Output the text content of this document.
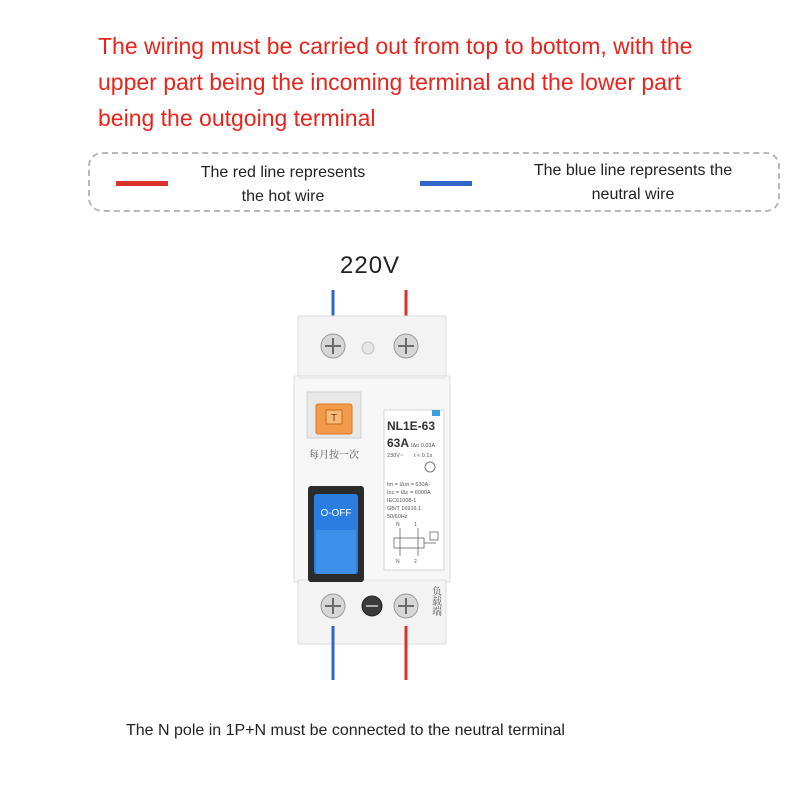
The wiring must be carried out from top to bottom, with the
upper part being the incoming terminal and the lower part
being the outgoing terminal
The red line represents
the hot wire
The blue line represents the
neutral wire
220V
T
每月按一次
NL1E-63
63A IΔn 0.03A
230V~ t < 0.1s
Im = IΔm = 630A
Inc = IΔc = 6000A
IEC61008-1
GB/T 16916.1
50/60Hz
N	1
N	2
O-OFF
负载端
The N pole in 1P+N must be connected to the neutral terminal
